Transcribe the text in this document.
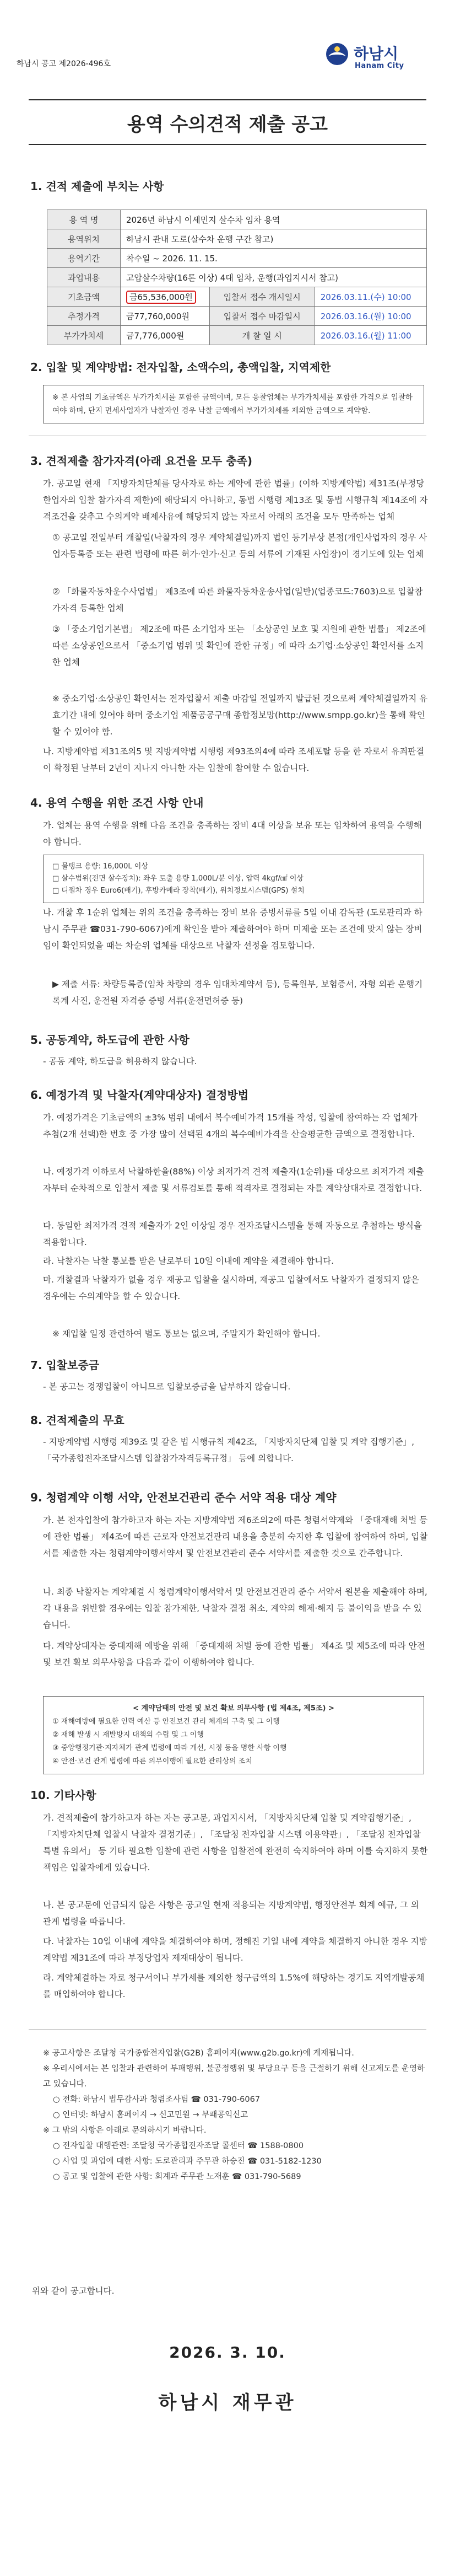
하남시 공고 제2026-496호
하남시
Hanam City
용역 수의견적 제출 공고
1. 견적 제출에 부치는 사항
용 역 명	2026년 하남시 이세민지 살수차 임차 용역		
용역위치	하남시 관내 도로(살수차 운행 구간 참고)		
용역기간	착수일 ~ 2026. 11. 15.		
과업내용	고압살수차량(16톤 이상) 4대 임차, 운행(과업지시서 참고)		
기초금액	금65,536,000원	입찰서 접수 개시일시	2026.03.11.(수) 10:00
추정가격	금77,760,000원	입찰서 접수 마감일시	2026.03.16.(월) 10:00
부가가치세	금7,776,000원	개 찰 일 시	2026.03.16.(월) 11:00
2. 입찰 및 계약방법: 전자입찰, 소액수의, 총액입찰, 지역제한
※ 본 사업의 기초금액은 부가가치세를 포함한 금액이며, 모든 응찰업체는 부가가치세를 포함한 가격으로 입찰하여야 하며, 단지 면세사업자가 낙찰자인 경우 낙찰 금액에서 부가가치세를 제외한 금액으로 계약함.
3. 견적제출 참가자격(아래 요건을 모두 충족)
가. 공고일 현재 「지방자치단체를 당사자로 하는 계약에 관한 법률」(이하 지방계약법) 제31조(부정당한업자의 입찰 참가자격 제한)에 해당되지 아니하고, 동법 시행령 제13조 및 동법 시행규칙 제14조에 자격조건을 갖추고 수의계약 배제사유에 해당되지 않는 자로서 아래의 조건을 모두 만족하는 업체
① 공고일 전일부터 개찰일(낙찰자의 경우 계약체결일)까지 법인 등기부상 본점(개인사업자의 경우 사업자등록증 또는 관련 법령에 따른 허가·인가·신고 등의 서류에 기재된 사업장)이 경기도에 있는 업체
② 「화물자동차운수사업법」 제3조에 따른 화물자동차운송사업(일반)(업종코드:7603)으로 입찰참가자격 등록한 업체
③ 「중소기업기본법」 제2조에 따른 소기업자 또는 「소상공인 보호 및 지원에 관한 법률」 제2조에 따른 소상공인으로서 「중소기업 범위 및 확인에 관한 규정」에 따라 소기업·소상공인 확인서를 소지한 업체
※ 중소기업·소상공인 확인서는 전자입찰서 제출 마감일 전일까지 발급된 것으로써 계약체결일까지 유효기간 내에 있어야 하며 중소기업 제품공공구매 종합정보망(http://www.smpp.go.kr)을 통해 확인할 수 있어야 함.
나. 지방계약법 제31조의5 및 지방계약법 시행령 제93조의4에 따라 조세포탈 등을 한 자로서 유죄판결이 확정된 날부터 2년이 지나지 아니한 자는 입찰에 참여할 수 없습니다.
4. 용역 수행을 위한 조건 사항 안내
가. 업체는 용역 수행을 위해 다음 조건을 충족하는 장비 4대 이상을 보유 또는 임차하여 용역을 수행해야 합니다.
□ 물탱크 용량: 16,000L 이상
□ 살수범위(전면 살수장치): 좌우 토출 용량 1,000L/분 이상, 압력 4kgf/㎠ 이상
□ 디젤차 경우 Euro6(배기), 후방카메라 장착(배기), 위치정보시스템(GPS) 설치
나. 개찰 후 1순위 업체는 위의 조건을 충족하는 장비 보유 증빙서류를 5일 이내 감독관 (도로관리과 하남시 주무관 ☎031-790-6067)에게 확인을 받아 제출하여야 하며 미제출 또는 조건에 맞지 않는 장비임이 확인되었을 때는 차순위 업체를 대상으로 낙찰자 선정을 검토합니다.
▶ 제출 서류: 차량등록증(임차 차량의 경우 임대차계약서 등), 등록원부, 보험증서, 자형 외관 운행기록계 사진, 운전원 자격증 증빙 서류(운전면허증 등)
5. 공동계약, 하도급에 관한 사항
- 공동 계약, 하도급을 허용하지 않습니다.
6. 예정가격 및 낙찰자(계약대상자) 결정방법
가. 예정가격은 기초금액의 ±3% 범위 내에서 복수예비가격 15개를 작성, 입찰에 참여하는 각 업체가 추첨(2개 선택)한 번호 중 가장 많이 선택된 4개의 복수예비가격을 산술평균한 금액으로 결정합니다.
나. 예정가격 이하로서 낙찰하한율(88%) 이상 최저가격 견적 제출자(1순위)를 대상으로 최저가격 제출자부터 순차적으로 입찰서 제출 및 서류검토를 통해 적격자로 결정되는 자를 계약상대자로 결정합니다.
다. 동일한 최저가격 견적 제출자가 2인 이상일 경우 전자조달시스템을 통해 자동으로 추첨하는 방식을 적용합니다.
라. 낙찰자는 낙찰 통보를 받은 날로부터 10일 이내에 계약을 체결해야 합니다.
마. 개찰결과 낙찰자가 없을 경우 재공고 입찰을 실시하며, 재공고 입찰에서도 낙찰자가 결정되지 않은 경우에는 수의계약을 할 수 있습니다.
※ 재입찰 일정 관련하여 별도 통보는 없으며, 주말지가 확인해야 합니다.
7. 입찰보증금
- 본 공고는 경쟁입찰이 아니므로 입찰보증금을 납부하지 않습니다.
8. 견적제출의 무효
- 지방계약법 시행령 제39조 및 같은 법 시행규칙 제42조, 「지방자치단체 입찰 및 계약 집행기준」, 「국가종합전자조달시스템 입찰참가자격등록규정」 등에 의합니다.
9. 청렴계약 이행 서약, 안전보건관리 준수 서약 적용 대상 계약
가. 본 전자입찰에 참가하고자 하는 자는 지방계약법 제6조의2에 따른 청렴서약제와 「중대재해 처벌 등에 관한 법률」 제4조에 따른 근로자 안전보건관리 내용을 충분히 숙지한 후 입찰에 참여하여 하며, 입찰서를 제출한 자는 청렴계약이행서약서 및 안전보건관리 준수 서약서를 제출한 것으로 간주합니다.
나. 최종 낙찰자는 계약체결 시 청렴계약이행서약서 및 안전보건관리 준수 서약서 원본을 제출해야 하며, 각 내용을 위반할 경우에는 입찰 참가제한, 낙찰자 결정 취소, 계약의 해제·해지 등 불이익을 받을 수 있습니다.
다. 계약상대자는 중대재해 예방을 위해 「중대재해 처벌 등에 관한 법률」 제4조 및 제5조에 따라 안전 및 보건 확보 의무사항을 다음과 같이 이행하여야 합니다.
< 계약담태의 안전 및 보건 확보 의무사항 (법 제4조, 제5조) >
① 재해예방에 필요한 인력 예산 등 안전보건 관리 체계의 구축 및 그 이행
② 재해 발생 시 재발방지 대책의 수립 및 그 이행
③ 중앙행정기관·지자체가 관계 법령에 따라 개선, 시정 등을 명한 사항 이행
④ 안전·보건 관계 법령에 따른 의무이행에 필요한 관리상의 조치
10. 기타사항
가. 견적제출에 참가하고자 하는 자는 공고문, 과업지시서, 「지방자치단체 입찰 및 계약집행기준」, 「지방자치단체 입찰시 낙찰자 결정기준」, 「조달청 전자입찰 시스템 이용약관」, 「조달청 전자입찰특별 유의서」 등 기타 필요한 입찰에 관련 사항을 입찰전에 완전히 숙지하여야 하며 이를 숙지하지 못한 책임은 입찰자에게 있습니다.
나. 본 공고문에 언급되지 않은 사항은 공고일 현재 적용되는 지방계약법, 행정안전부 회계 예규, 그 외 관계 법령을 따릅니다.
다. 낙찰자는 10일 이내에 계약을 체결하여야 하며, 정해진 기일 내에 계약을 체결하지 아니한 경우 지방계약법 제31조에 따라 부정당업자 제재대상이 됩니다.
라. 계약체결하는 자로 청구서이나 부가세를 제외한 청구금액의 1.5%에 해당하는 경기도 지역개발공채를 매입하여야 합니다.
※ 공고사항은 조달청 국가종합전자입찰(G2B) 홈페이지(www.g2b.go.kr)에 게재됩니다.
※ 우리시에서는 본 입찰과 관련하여 부패행위, 불공정행위 및 부당요구 등을 근절하기 위해 신고제도를 운영하고 있습니다.
○ 전화: 하남시 법무감사과 청렴조사팀 ☎ 031-790-6067
○ 인터넷: 하남시 홈페이지 → 신고민원 → 부패공익신고
※ 그 밖의 사항은 아래로 문의하시기 바랍니다.
○ 전자입찰 대행관련: 조달청 국가종합전자조달 콜센터 ☎ 1588-0800
○ 사업 및 과업에 대한 사항: 도로관리과 주무관 하승진 ☎ 031-5182-1230
○ 공고 및 입찰에 관한 사항: 회계과 주무관 노재훈 ☎ 031-790-5689
위와 같이 공고합니다.
2026. 3. 10.
하남시 재무관
